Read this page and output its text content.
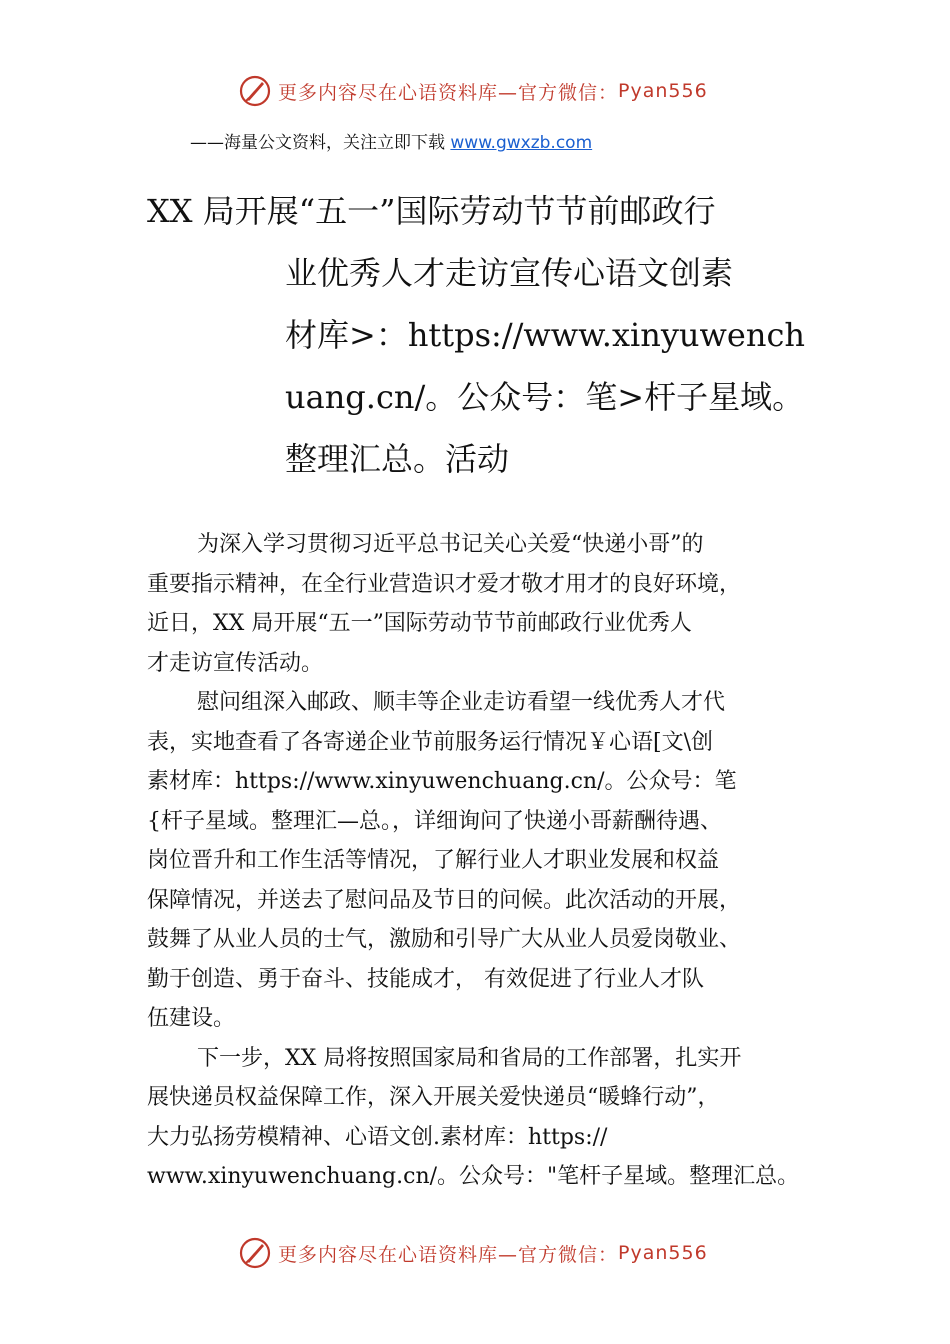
更多内容尽在心语资料库—官方微信： Pyan556
——海量公文资料，关注立即下载 www.gwxzb.com
XX 局开展“五一”国际劳动节节前邮政行
业优秀人才走访宣传心语文创素
材库>：https://www.xinyuwench
uang.cn/。公众号：笔>杆子星域。
整理汇总。活动
为深入学习贯彻习近平总书记关心关爱“快递小哥”的
重要指示精神，在全行业营造识才爱才敬才用才的良好环境，
近日，XX 局开展“五一”国际劳动节节前邮政行业优秀人
才走访宣传活动。
慰问组深入邮政、顺丰等企业走访看望一线优秀人才代
表，实地查看了各寄递企业节前服务运行情况￥心语[文\创
素材库：https://www.xinyuwenchuang.cn/。公众号：笔
{杆子星域。整理汇—总。，详细询问了快递小哥薪酬待遇、
岗位晋升和工作生活等情况，了解行业人才职业发展和权益
保障情况，并送去了慰问品及节日的问候。此次活动的开展，
鼓舞了从业人员的士气，激励和引导广大从业人员爱岗敬业、
勤于创造、勇于奋斗、技能成才， 有效促进了行业人才队
伍建设。
下一步，XX 局将按照国家局和省局的工作部署，扎实开
展快递员权益保障工作，深入开展关爱快递员“暖蜂行动”，
大力弘扬劳模精神、心语文创.素材库：https://
www.xinyuwenchuang.cn/。公众号："笔杆子星域。整理汇总。
更多内容尽在心语资料库—官方微信： Pyan556
